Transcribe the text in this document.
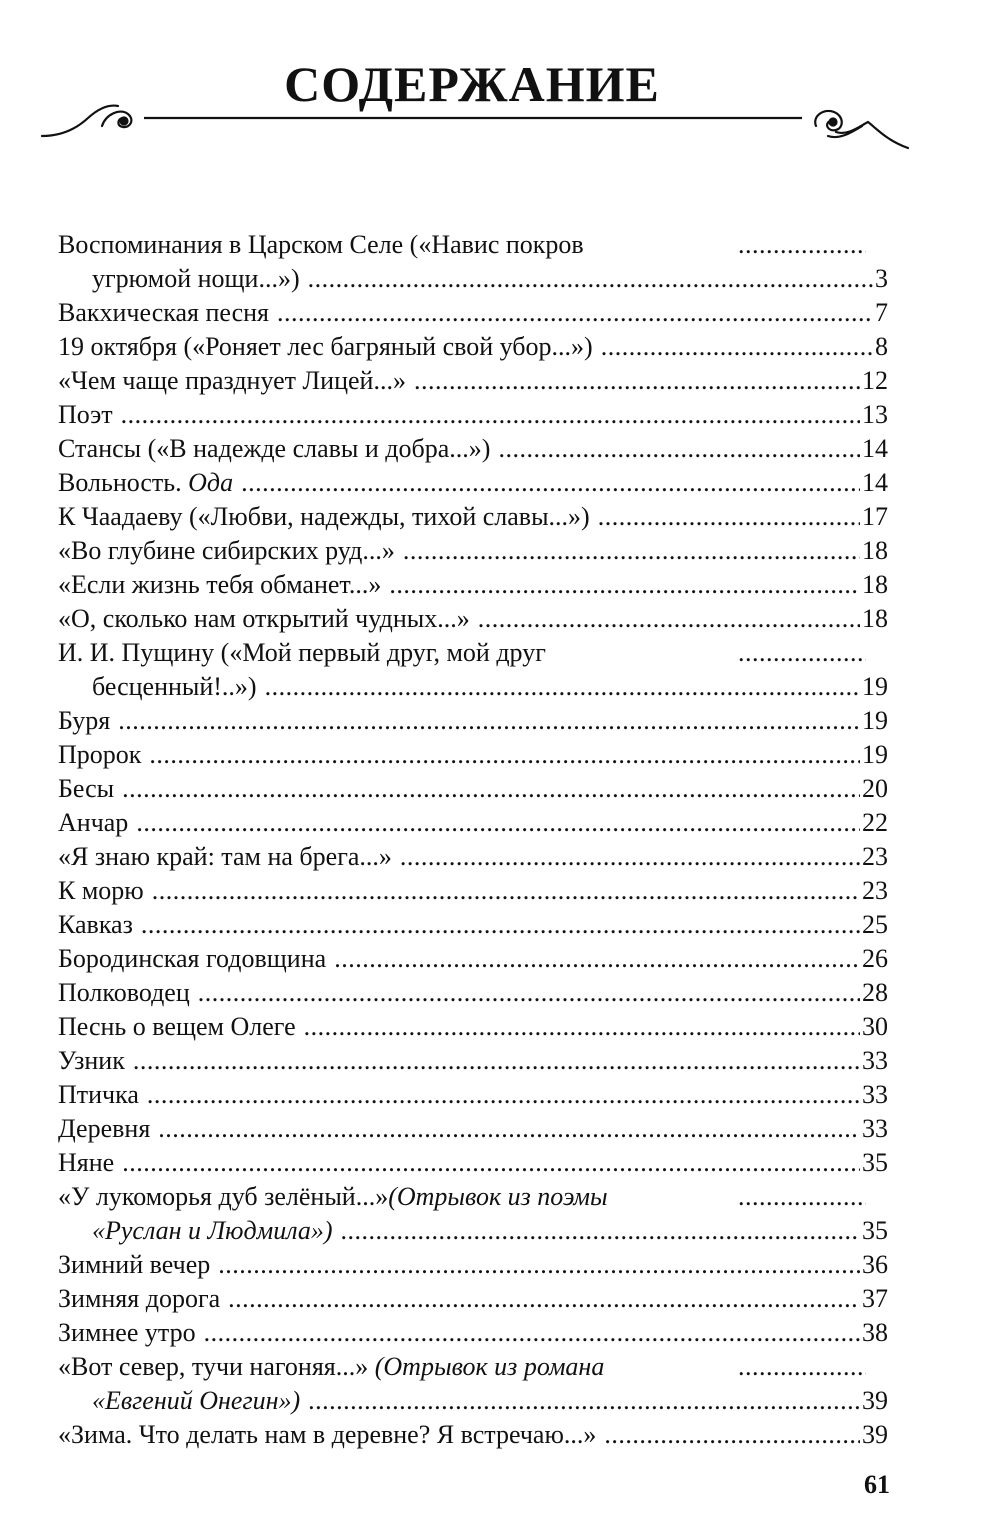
СОДЕРЖАНИЕ
Воспоминания в Царском Селе («Навис покров
. . .
угрюмой нощи...») . . .	3
Вакхическая песня . . .	7
19 октября («Роняет лес багряный свой убор...») . . .	8
«Чем чаще празднует Лицей...» . . .	12
Поэт . . .	13
Стансы («В надежде славы и добра...») . . .	14
Вольность. Ода . . .	14
К Чаадаеву («Любви, надежды, тихой славы...») . . .	17
«Во глубине сибирских руд...» . . .	18
«Если жизнь тебя обманет...» . . .	18
«О, сколько нам открытий чудных...» . . .	18
И. И. Пущину («Мой первый друг, мой друг
. . .
бесценный!..») . . .	19
Буря . . .	19
Пророк . . .	19
Бесы . . .	20
Анчар . . .	22
«Я знаю край: там на брега...» . . .	23
К морю . . .	23
Кавказ . . .	25
Бородинская годовщина . . .	26
Полководец . . .	28
Песнь о вещем Олеге . . .	30
Узник . . .	33
Птичка . . .	33
Деревня . . .	33
Няне . . .	35
«У лукоморья дуб зелёный...»(Отрывок из поэмы
. . .
«Руслан и Людмила») . . .	35
Зимний вечер . . .	36
Зимняя дорога . . .	37
Зимнее утро . . .	38
«Вот север, тучи нагоняя...» (Отрывок из романа
. . .
«Евгений Онегин») . . .	39
«Зима. Что делать нам в деревне? Я встречаю...» . . .	39
61
